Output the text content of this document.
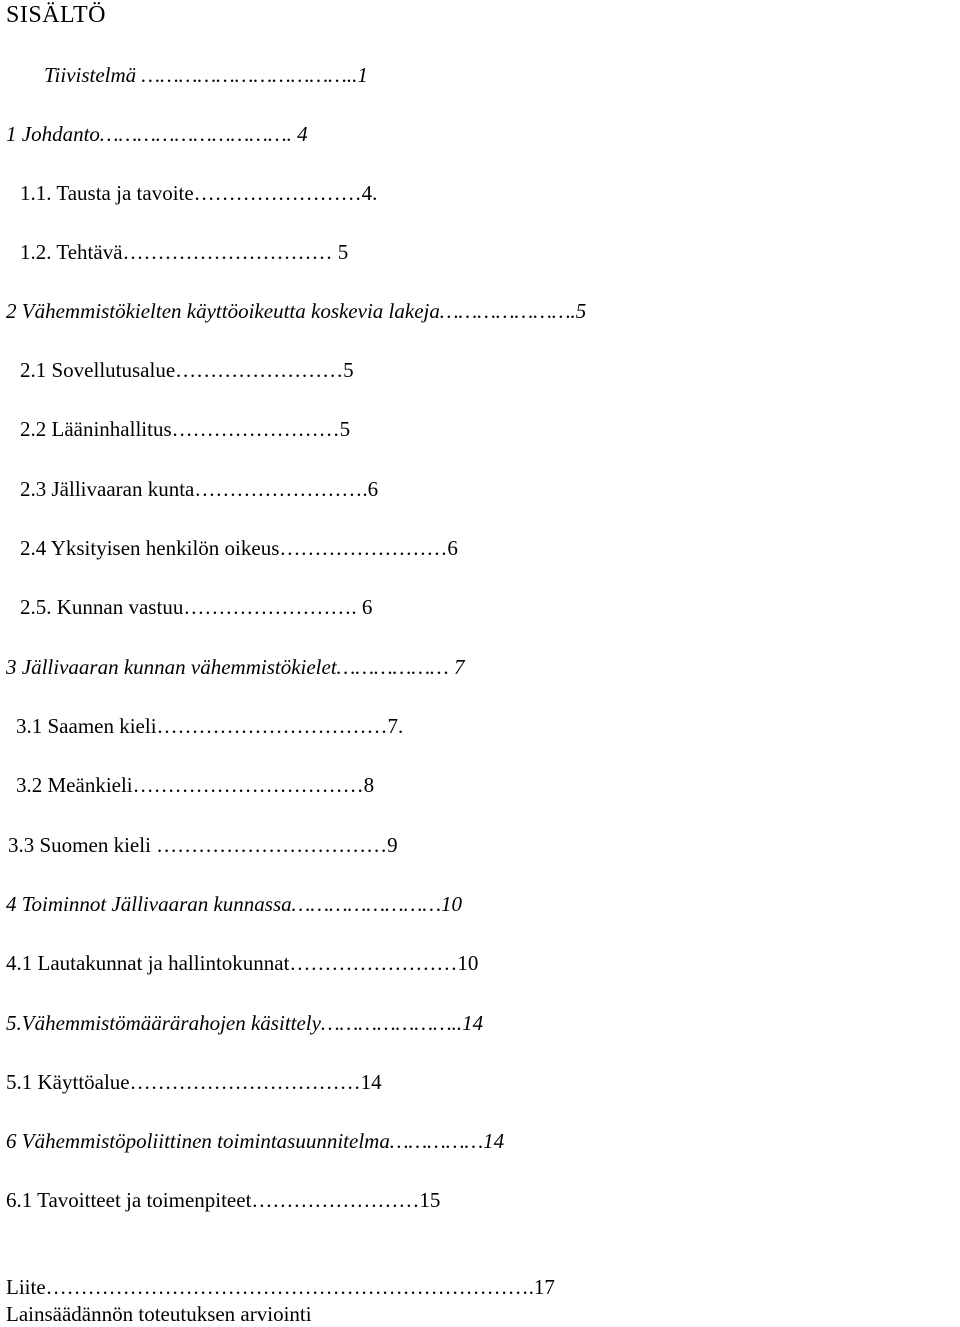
SISÄLTÖ
Tiivistelmä ……………………………..1
1 Johdanto…………………………. 4
1.1. Tausta ja tavoite……………………4.
1.2. Tehtävä………………………… 5
2 Vähemmistökielten käyttöoikeutta koskevia lakeja………………….5
2.1 Sovellutusalue……………………5
2.2 Lääninhallitus……………………5
2.3 Jällivaaran kunta…………………….6
2.4 Yksityisen henkilön oikeus……………………6
2.5. Kunnan vastuu……………………. 6
3 Jällivaaran kunnan vähemmistökielet……………… 7
3.1 Saamen kieli……………………………7.
3.2 Meänkieli……………………………8
3.3 Suomen kieli ……………………………9
4 Toiminnot Jällivaaran kunnassa……………………10
4.1 Lautakunnat ja hallintokunnat……………………10
5.Vähemmistömäärärahojen käsittely…………………..14
5.1 Käyttöalue……………………………14
6 Vähemmistöpoliittinen toimintasuunnitelma……………14
6.1 Tavoitteet ja toimenpiteet……………………15
Liite…………………………………………………………….17
Lainsäädännön toteutuksen arviointi
